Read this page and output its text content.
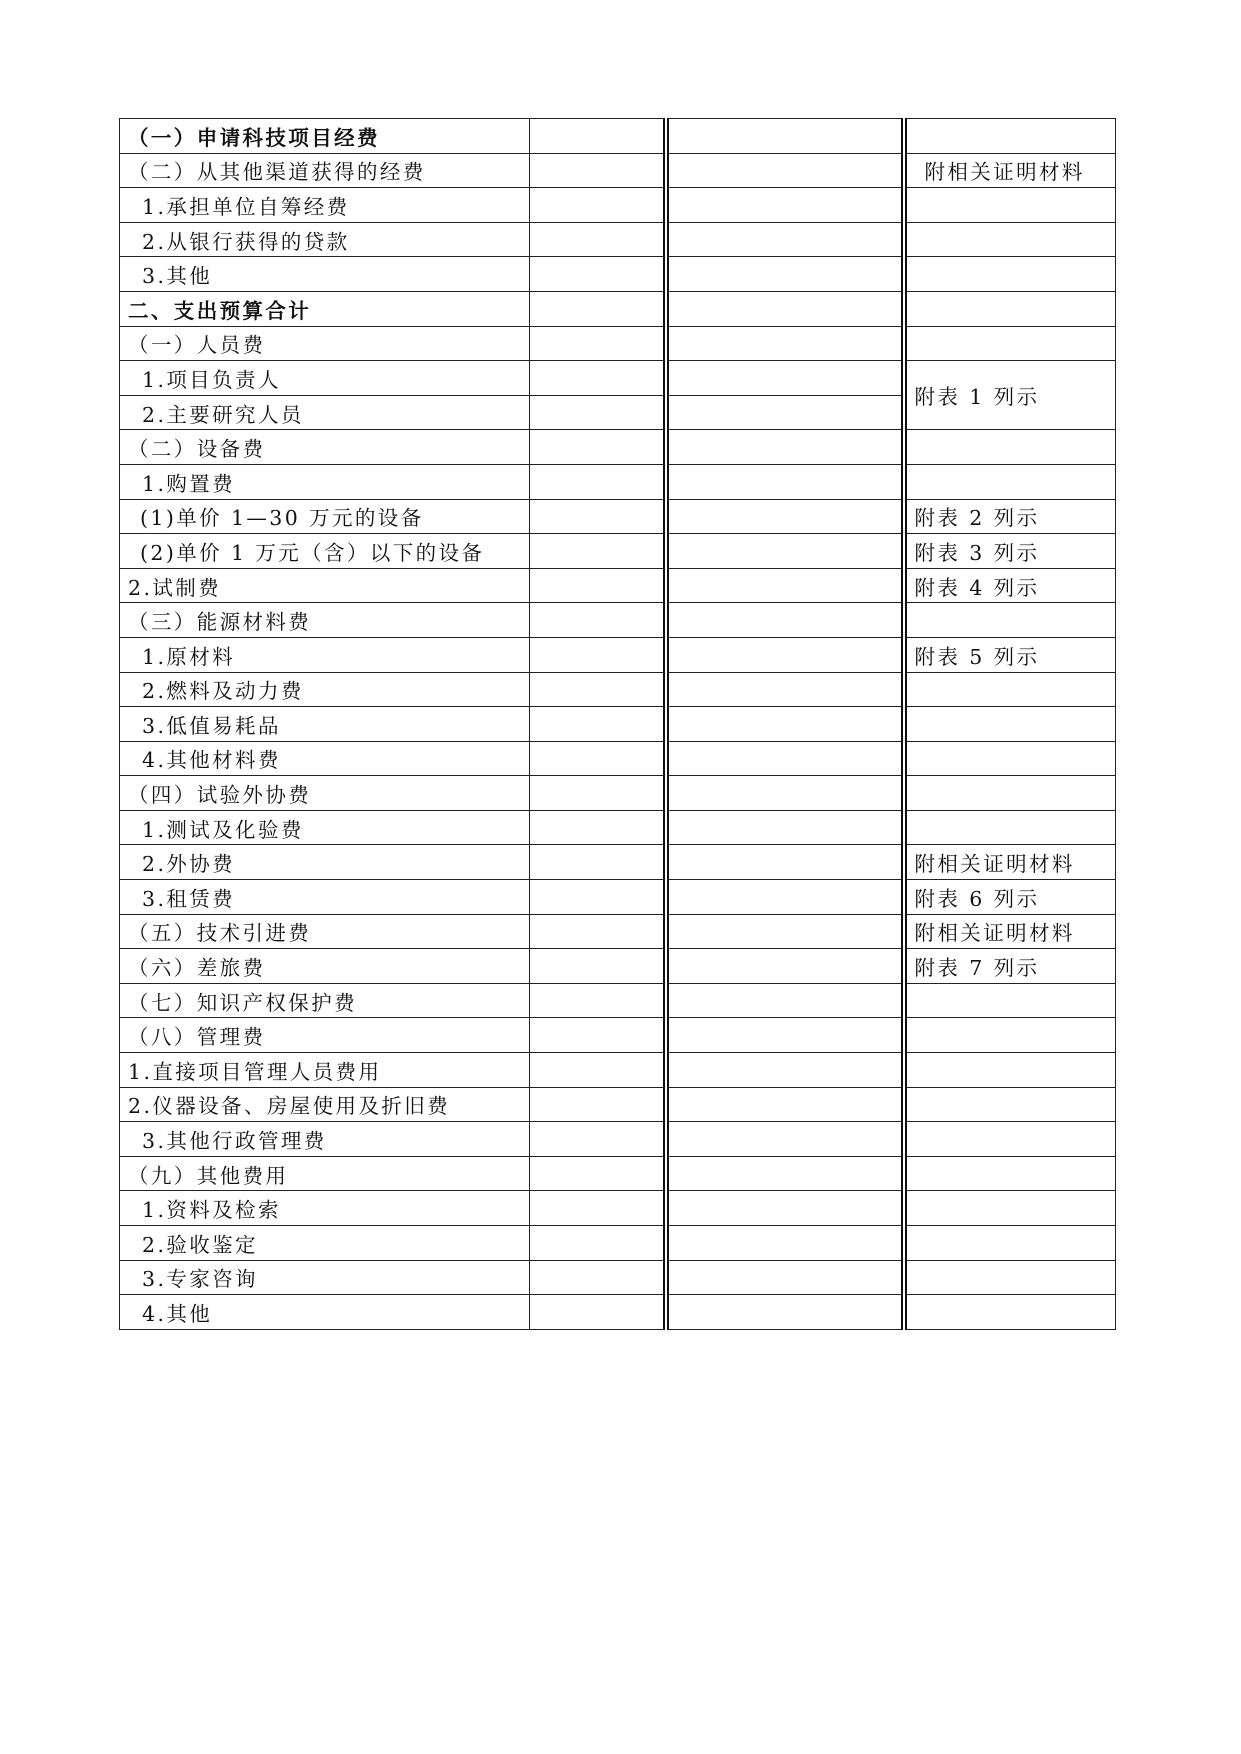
（一）申请科技项目经费			
（二）从其他渠道获得的经费			附相关证明材料
1.承担单位自筹经费			
2.从银行获得的贷款			
3.其他			
二、支出预算合计			
（一）人员费			
1.项目负责人			附表 1 列示
2.主要研究人员			
（二）设备费			
1.购置费			
(1)单价 1—30 万元的设备			附表 2 列示
(2)单价 1 万元（含）以下的设备			附表 3 列示
2.试制费			附表 4 列示
（三）能源材料费			
1.原材料			附表 5 列示
2.燃料及动力费			
3.低值易耗品			
4.其他材料费			
（四）试验外协费			
1.测试及化验费			
2.外协费			附相关证明材料
3.租赁费			附表 6 列示
（五）技术引进费			附相关证明材料
（六）差旅费			附表 7 列示
（七）知识产权保护费			
（八）管理费			
1.直接项目管理人员费用			
2.仪器设备、房屋使用及折旧费			
3.其他行政管理费			
（九）其他费用			
1.资料及检索			
2.验收鉴定			
3.专家咨询			
4.其他			
